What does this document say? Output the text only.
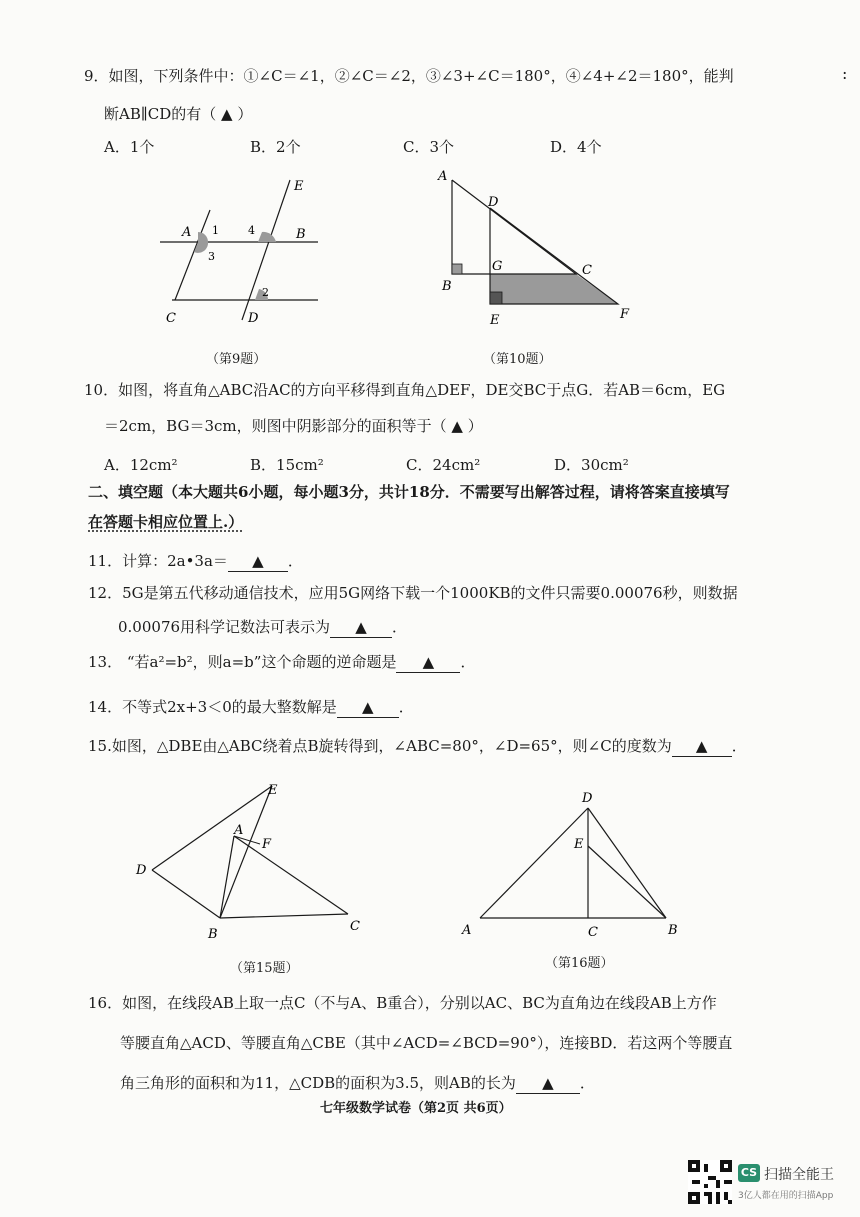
9．如图，下列条件中：①∠C＝∠1，②∠C＝∠2，③∠3+∠C＝180°，④∠4+∠2＝180°，能判
断AB∥CD的有（ ▲ ）
A．1个	B．2个	C．3个	D．4个
:
A	B
C	D
E
1
2
3
4
（第9题）
A
D
G	C
B
E	F
（第10题）
10．如图，将直角△ABC沿AC的方向平移得到直角△DEF，DE交BC于点G．若AB＝6cm，EG
＝2cm，BG＝3cm，则图中阴影部分的面积等于（ ▲ ）
A．12cm²	B．15cm²	C．24cm²	D．30cm²
二、填空题（本大题共6小题，每小题3分，共计18分．不需要写出解答过程，请将答案直接填写
在答题卡相应位置上.）
11．计算：2a•3a＝ ▲ ．
12．5G是第五代移动通信技术，应用5G网络下载一个1000KB的文件只需要0.00076秒，则数据
0.00076用科学记数法可表示为 ▲ ．
13． “若a²=b²，则a=b”这个命题的逆命题是 ▲ ．
14．不等式2x+3＜0的最大整数解是 ▲ ．
15.如图，△DBE由△ABC绕着点B旋转得到，∠ABC=80°，∠D=65°，则∠C的度数为 ▲ ．
D
E
A
F
B
C
（第15题）
D
E
A	C	B
（第16题）
16．如图，在线段AB上取一点C（不与A、B重合），分别以AC、BC为直角边在线段AB上方作
等腰直角△ACD、等腰直角△CBE（其中∠ACD=∠BCD=90°），连接BD．若这两个等腰直
角三角形的面积和为11，△CDB的面积为3.5，则AB的长为 ▲ ．
七年级数学试卷（第2页 共6页）
CS 扫描全能王
3亿人都在用的扫描App
